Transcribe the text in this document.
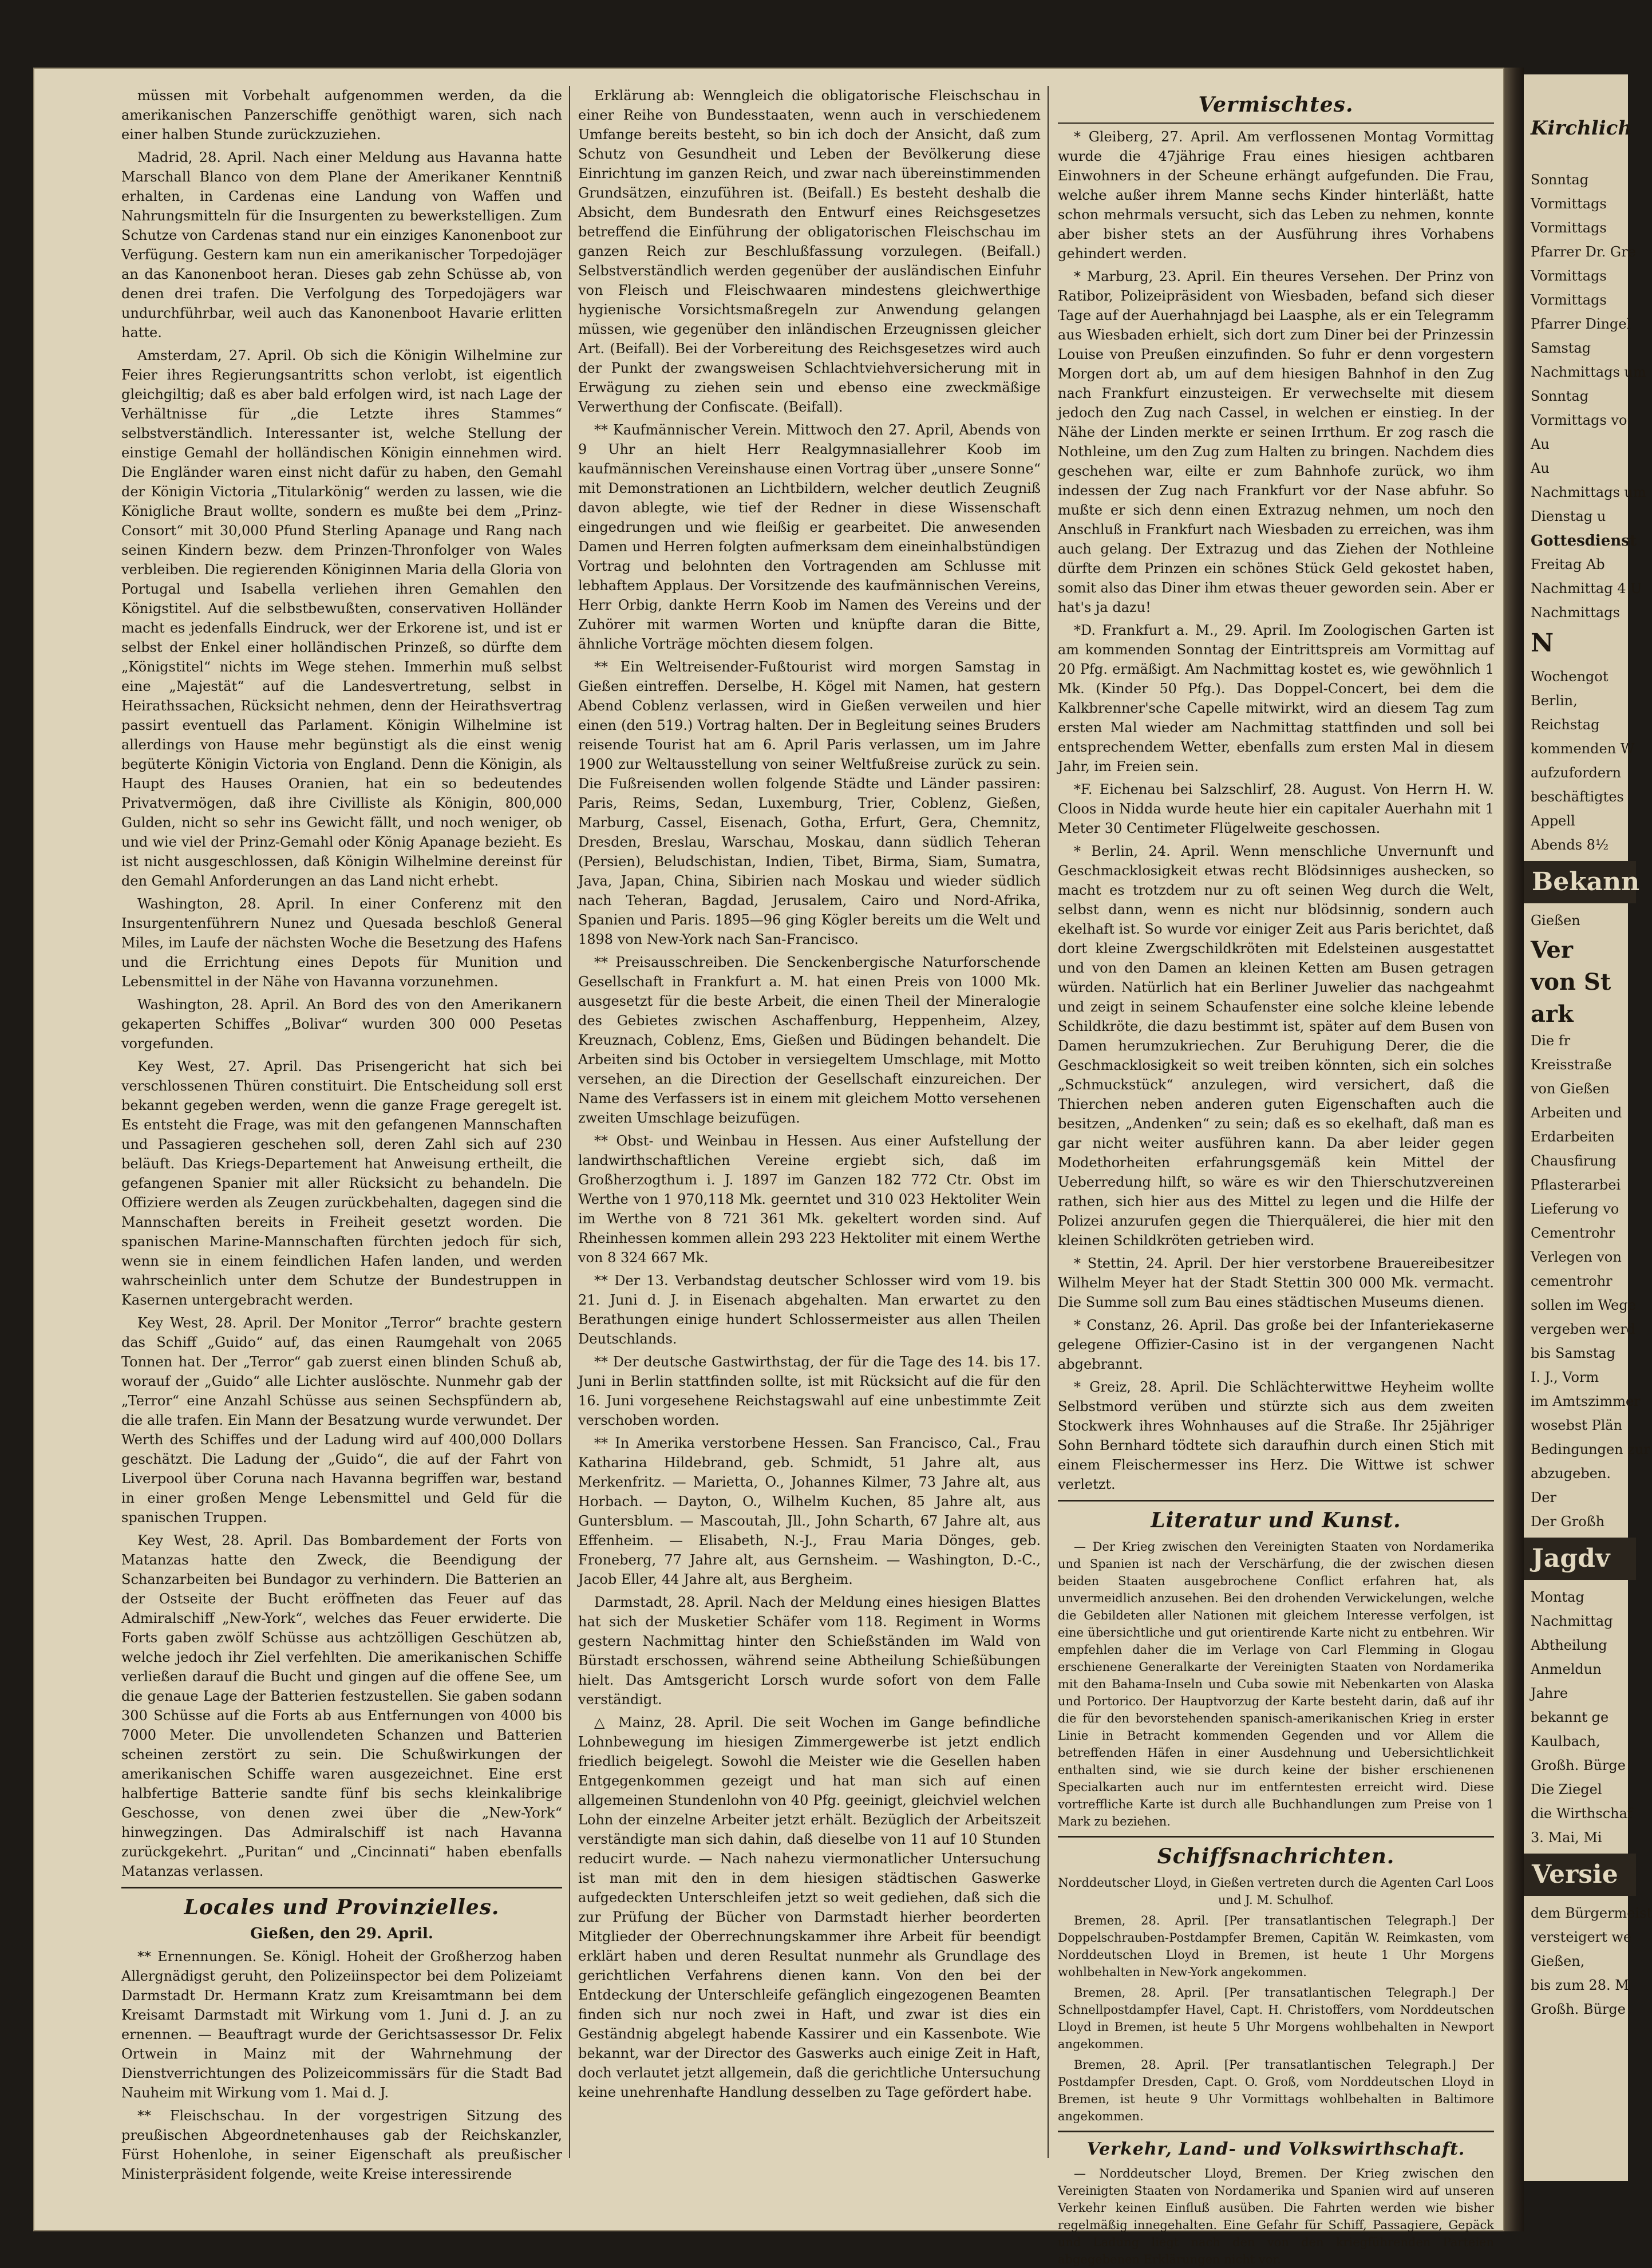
müssen mit Vorbehalt aufgenommen werden, da die amerikanischen Panzerschiffe genöthigt waren, sich nach einer halben Stunde zurückzuziehen.

Madrid, 28. April. Nach einer Meldung aus Havanna hatte Marschall Blanco von dem Plane der Amerikaner Kenntniß erhalten, in Cardenas eine Landung von Waffen und Nahrungsmitteln für die Insurgenten zu bewerkstelligen. Zum Schutze von Cardenas stand nur ein einziges Kanonenboot zur Verfügung. Gestern kam nun ein amerikanischer Torpedojäger an das Kanonenboot heran. Dieses gab zehn Schüsse ab, von denen drei trafen. Die Verfolgung des Torpedojägers war undurchführbar, weil auch das Kanonenboot Havarie erlitten hatte.

Amsterdam, 27. April. Ob sich die Königin Wilhelmine zur Feier ihres Regierungsantritts schon verlobt, ist eigentlich gleichgiltig; daß es aber bald erfolgen wird, ist nach Lage der Verhältnisse für „die Letzte ihres Stammes“ selbstverständlich. Interessanter ist, welche Stellung der einstige Gemahl der holländischen Königin einnehmen wird. Die Engländer waren einst nicht dafür zu haben, den Gemahl der Königin Victoria „Titularkönig“ werden zu lassen, wie die Königliche Braut wollte, sondern es mußte bei dem „Prinz-Consort“ mit 30,000 Pfund Sterling Apanage und Rang nach seinen Kindern bezw. dem Prinzen-Thronfolger von Wales verbleiben. Die regierenden Königinnen Maria della Gloria von Portugal und Isabella verliehen ihren Gemahlen den Königstitel. Auf die selbstbewußten, conservativen Holländer macht es jedenfalls Eindruck, wer der Erkorene ist, und ist er selbst der Enkel einer holländischen Prinzeß, so dürfte dem „Königstitel“ nichts im Wege stehen. Immerhin muß selbst eine „Majestät“ auf die Landesvertretung, selbst in Heirathssachen, Rücksicht nehmen, denn der Heirathsvertrag passirt eventuell das Parlament. Königin Wilhelmine ist allerdings von Hause mehr begünstigt als die einst wenig begüterte Königin Victoria von England. Denn die Königin, als Haupt des Hauses Oranien, hat ein so bedeutendes Privatvermögen, daß ihre Civilliste als Königin, 800,000 Gulden, nicht so sehr ins Gewicht fällt, und noch weniger, ob und wie viel der Prinz-Gemahl oder König Apanage bezieht. Es ist nicht ausgeschlossen, daß Königin Wilhelmine dereinst für den Gemahl Anforderungen an das Land nicht erhebt.

Washington, 28. April. In einer Conferenz mit den Insurgentenführern Nunez und Quesada beschloß General Miles, im Laufe der nächsten Woche die Besetzung des Hafens und die Errichtung eines Depots für Munition und Lebensmittel in der Nähe von Havanna vorzunehmen.

Washington, 28. April. An Bord des von den Amerikanern gekaperten Schiffes „Bolivar“ wurden 300 000 Pesetas vorgefunden.

Key West, 27. April. Das Prisengericht hat sich bei verschlossenen Thüren constituirt. Die Entscheidung soll erst bekannt gegeben werden, wenn die ganze Frage geregelt ist. Es entsteht die Frage, was mit den gefangenen Mannschaften und Passagieren geschehen soll, deren Zahl sich auf 230 beläuft. Das Kriegs-Departement hat Anweisung ertheilt, die gefangenen Spanier mit aller Rücksicht zu behandeln. Die Offiziere werden als Zeugen zurückbehalten, dagegen sind die Mannschaften bereits in Freiheit gesetzt worden. Die spanischen Marine-Mannschaften fürchten jedoch für sich, wenn sie in einem feindlichen Hafen landen, und werden wahrscheinlich unter dem Schutze der Bundestruppen in Kasernen untergebracht werden.

Key West, 28. April. Der Monitor „Terror“ brachte gestern das Schiff „Guido“ auf, das einen Raumgehalt von 2065 Tonnen hat. Der „Terror“ gab zuerst einen blinden Schuß ab, worauf der „Guido“ alle Lichter auslöschte. Nunmehr gab der „Terror“ eine Anzahl Schüsse aus seinen Sechspfündern ab, die alle trafen. Ein Mann der Besatzung wurde verwundet. Der Werth des Schiffes und der Ladung wird auf 400,000 Dollars geschätzt. Die Ladung der „Guido“, die auf der Fahrt von Liverpool über Coruna nach Havanna begriffen war, bestand in einer großen Menge Lebensmittel und Geld für die spanischen Truppen.

Key West, 28. April. Das Bombardement der Forts von Matanzas hatte den Zweck, die Beendigung der Schanzarbeiten bei Bundagor zu verhindern. Die Batterien an der Ostseite der Bucht eröffneten das Feuer auf das Admiralschiff „New-York“, welches das Feuer erwiderte. Die Forts gaben zwölf Schüsse aus achtzölligen Geschützen ab, welche jedoch ihr Ziel verfehlten. Die amerikanischen Schiffe verließen darauf die Bucht und gingen auf die offene See, um die genaue Lage der Batterien festzustellen. Sie gaben sodann 300 Schüsse auf die Forts ab aus Entfernungen von 4000 bis 7000 Meter. Die unvollendeten Schanzen und Batterien scheinen zerstört zu sein. Die Schußwirkungen der amerikanischen Schiffe waren ausgezeichnet. Eine erst halbfertige Batterie sandte fünf bis sechs kleinkalibrige Geschosse, von denen zwei über die „New-York“ hinwegzingen. Das Admiralschiff ist nach Havanna zurückgekehrt. „Puritan“ und „Cincinnati“ haben ebenfalls Matanzas verlassen.

Locales und Provinzielles.
Gießen, den 29. April.

** Ernennungen. Se. Königl. Hoheit der Großherzog haben Allergnädigst geruht, den Polizeiinspector bei dem Polizeiamt Darmstadt Dr. Hermann Kratz zum Kreisamtmann bei dem Kreisamt Darmstadt mit Wirkung vom 1. Juni d. J. an zu ernennen. — Beauftragt wurde der Gerichtsassessor Dr. Felix Ortwein in Mainz mit der Wahrnehmung der Dienstverrichtungen des Polizeicommissärs für die Stadt Bad Nauheim mit Wirkung vom 1. Mai d. J.

** Fleischschau. In der vorgestrigen Sitzung des preußischen Abgeordnetenhauses gab der Reichskanzler, Fürst Hohenlohe, in seiner Eigenschaft als preußischer Ministerpräsident folgende, weite Kreise interessirende

Erklärung ab: Wenngleich die obligatorische Fleischschau in einer Reihe von Bundesstaaten, wenn auch in verschiedenem Umfange bereits besteht, so bin ich doch der Ansicht, daß zum Schutz von Gesundheit und Leben der Bevölkerung diese Einrichtung im ganzen Reich, und zwar nach übereinstimmenden Grundsätzen, einzuführen ist. (Beifall.) Es besteht deshalb die Absicht, dem Bundesrath den Entwurf eines Reichsgesetzes betreffend die Einführung der obligatorischen Fleischschau im ganzen Reich zur Beschlußfassung vorzulegen. (Beifall.) Selbstverständlich werden gegenüber der ausländischen Einfuhr von Fleisch und Fleischwaaren mindestens gleichwerthige hygienische Vorsichtsmaßregeln zur Anwendung gelangen müssen, wie gegenüber den inländischen Erzeugnissen gleicher Art. (Beifall). Bei der Vorbereitung des Reichsgesetzes wird auch der Punkt der zwangsweisen Schlachtviehversicherung mit in Erwägung zu ziehen sein und ebenso eine zweckmäßige Verwerthung der Confiscate. (Beifall).

** Kaufmännischer Verein. Mittwoch den 27. April, Abends von 9 Uhr an hielt Herr Realgymnasiallehrer Koob im kaufmännischen Vereinshause einen Vortrag über „unsere Sonne“ mit Demonstrationen an Lichtbildern, welcher deutlich Zeugniß davon ablegte, wie tief der Redner in diese Wissenschaft eingedrungen und wie fleißig er gearbeitet. Die anwesenden Damen und Herren folgten aufmerksam dem eineinhalbstündigen Vortrag und belohnten den Vortragenden am Schlusse mit lebhaftem Applaus. Der Vorsitzende des kaufmännischen Vereins, Herr Orbig, dankte Herrn Koob im Namen des Vereins und der Zuhörer mit warmen Worten und knüpfte daran die Bitte, ähnliche Vorträge möchten diesem folgen.

** Ein Weltreisender-Fußtourist wird morgen Samstag in Gießen eintreffen. Derselbe, H. Kögel mit Namen, hat gestern Abend Coblenz verlassen, wird in Gießen verweilen und hier einen (den 519.) Vortrag halten. Der in Begleitung seines Bruders reisende Tourist hat am 6. April Paris verlassen, um im Jahre 1900 zur Weltausstellung von seiner Weltfußreise zurück zu sein. Die Fußreisenden wollen folgende Städte und Länder passiren: Paris, Reims, Sedan, Luxemburg, Trier, Coblenz, Gießen, Marburg, Cassel, Eisenach, Gotha, Erfurt, Gera, Chemnitz, Dresden, Breslau, Warschau, Moskau, dann südlich Teheran (Persien), Beludschistan, Indien, Tibet, Birma, Siam, Sumatra, Java, Japan, China, Sibirien nach Moskau und wieder südlich nach Teheran, Bagdad, Jerusalem, Cairo und Nord-Afrika, Spanien und Paris. 1895—96 ging Kögler bereits um die Welt und 1898 von New-York nach San-Francisco.

** Preisausschreiben. Die Senckenbergische Naturforschende Gesellschaft in Frankfurt a. M. hat einen Preis von 1000 Mk. ausgesetzt für die beste Arbeit, die einen Theil der Mineralogie des Gebietes zwischen Aschaffenburg, Heppenheim, Alzey, Kreuznach, Coblenz, Ems, Gießen und Büdingen behandelt. Die Arbeiten sind bis October in versiegeltem Umschlage, mit Motto versehen, an die Direction der Gesellschaft einzureichen. Der Name des Verfassers ist in einem mit gleichem Motto versehenen zweiten Umschlage beizufügen.

** Obst- und Weinbau in Hessen. Aus einer Aufstellung der landwirthschaftlichen Vereine ergiebt sich, daß im Großherzogthum i. J. 1897 im Ganzen 182 772 Ctr. Obst im Werthe von 1 970,118 Mk. geerntet und 310 023 Hektoliter Wein im Werthe von 8 721 361 Mk. gekeltert worden sind. Auf Rheinhessen kommen allein 293 223 Hektoliter mit einem Werthe von 8 324 667 Mk.

** Der 13. Verbandstag deutscher Schlosser wird vom 19. bis 21. Juni d. J. in Eisenach abgehalten. Man erwartet zu den Berathungen einige hundert Schlossermeister aus allen Theilen Deutschlands.

** Der deutsche Gastwirthstag, der für die Tage des 14. bis 17. Juni in Berlin stattfinden sollte, ist mit Rücksicht auf die für den 16. Juni vorgesehene Reichstagswahl auf eine unbestimmte Zeit verschoben worden.

** In Amerika verstorbene Hessen. San Francisco, Cal., Frau Katharina Hildebrand, geb. Schmidt, 51 Jahre alt, aus Merkenfritz. — Marietta, O., Johannes Kilmer, 73 Jahre alt, aus Horbach. — Dayton, O., Wilhelm Kuchen, 85 Jahre alt, aus Guntersblum. — Mascoutah, Jll., John Scharth, 67 Jahre alt, aus Effenheim. — Elisabeth, N.-J., Frau Maria Dönges, geb. Froneberg, 77 Jahre alt, aus Gernsheim. — Washington, D.-C., Jacob Eller, 44 Jahre alt, aus Bergheim.

Darmstadt, 28. April. Nach der Meldung eines hiesigen Blattes hat sich der Musketier Schäfer vom 118. Regiment in Worms gestern Nachmittag hinter den Schießständen im Wald von Bürstadt erschossen, während seine Abtheilung Schießübungen hielt. Das Amtsgericht Lorsch wurde sofort von dem Falle verständigt.

△ Mainz, 28. April. Die seit Wochen im Gange befindliche Lohnbewegung im hiesigen Zimmergewerbe ist jetzt endlich friedlich beigelegt. Sowohl die Meister wie die Gesellen haben Entgegenkommen gezeigt und hat man sich auf einen allgemeinen Stundenlohn von 40 Pfg. geeinigt, gleichviel welchen Lohn der einzelne Arbeiter jetzt erhält. Bezüglich der Arbeitszeit verständigte man sich dahin, daß dieselbe von 11 auf 10 Stunden reducirt wurde. — Nach nahezu viermonatlicher Untersuchung ist man mit den in dem hiesigen städtischen Gaswerke aufgedeckten Unterschleifen jetzt so weit gediehen, daß sich die zur Prüfung der Bücher von Darmstadt hierher beorderten Mitglieder der Oberrechnungskammer ihre Arbeit für beendigt erklärt haben und deren Resultat nunmehr als Grundlage des gerichtlichen Verfahrens dienen kann. Von den bei der Entdeckung der Unterschleife gefänglich eingezogenen Beamten finden sich nur noch zwei in Haft, und zwar ist dies ein Geständnig abgelegt habende Kassirer und ein Kassenbote. Wie bekannt, war der Director des Gaswerks auch einige Zeit in Haft, doch verlautet jetzt allgemein, daß die gerichtliche Untersuchung keine unehrenhafte Handlung desselben zu Tage gefördert habe.

Vermischtes.

* Gleiberg, 27. April. Am verflossenen Montag Vormittag wurde die 47jährige Frau eines hiesigen achtbaren Einwohners in der Scheune erhängt aufgefunden. Die Frau, welche außer ihrem Manne sechs Kinder hinterläßt, hatte schon mehrmals versucht, sich das Leben zu nehmen, konnte aber bisher stets an der Ausführung ihres Vorhabens gehindert werden.

* Marburg, 23. April. Ein theures Versehen. Der Prinz von Ratibor, Polizeipräsident von Wiesbaden, befand sich dieser Tage auf der Auerhahnjagd bei Laasphe, als er ein Telegramm aus Wiesbaden erhielt, sich dort zum Diner bei der Prinzessin Louise von Preußen einzufinden. So fuhr er denn vorgestern Morgen dort ab, um auf dem hiesigen Bahnhof in den Zug nach Frankfurt einzusteigen. Er verwechselte mit diesem jedoch den Zug nach Cassel, in welchen er einstieg. In der Nähe der Linden merkte er seinen Irrthum. Er zog rasch die Nothleine, um den Zug zum Halten zu bringen. Nachdem dies geschehen war, eilte er zum Bahnhofe zurück, wo ihm indessen der Zug nach Frankfurt vor der Nase abfuhr. So mußte er sich denn einen Extrazug nehmen, um noch den Anschluß in Frankfurt nach Wiesbaden zu erreichen, was ihm auch gelang. Der Extrazug und das Ziehen der Nothleine dürfte dem Prinzen ein schönes Stück Geld gekostet haben, somit also das Diner ihm etwas theuer geworden sein. Aber er hat's ja dazu!

*D. Frankfurt a. M., 29. April. Im Zoologischen Garten ist am kommenden Sonntag der Eintrittspreis am Vormittag auf 20 Pfg. ermäßigt. Am Nachmittag kostet es, wie gewöhnlich 1 Mk. (Kinder 50 Pfg.). Das Doppel-Concert, bei dem die Kalkbrenner'sche Capelle mitwirkt, wird an diesem Tag zum ersten Mal wieder am Nachmittag stattfinden und soll bei entsprechendem Wetter, ebenfalls zum ersten Mal in diesem Jahr, im Freien sein.

*F. Eichenau bei Salzschlirf, 28. August. Von Herrn H. W. Cloos in Nidda wurde heute hier ein capitaler Auerhahn mit 1 Meter 30 Centimeter Flügelweite geschossen.

* Berlin, 24. April. Wenn menschliche Unvernunft und Geschmacklosigkeit etwas recht Blödsinniges aushecken, so macht es trotzdem nur zu oft seinen Weg durch die Welt, selbst dann, wenn es nicht nur blödsinnig, sondern auch ekelhaft ist. So wurde vor einiger Zeit aus Paris berichtet, daß dort kleine Zwergschildkröten mit Edelsteinen ausgestattet und von den Damen an kleinen Ketten am Busen getragen würden. Natürlich hat ein Berliner Juwelier das nachgeahmt und zeigt in seinem Schaufenster eine solche kleine lebende Schildkröte, die dazu bestimmt ist, später auf dem Busen von Damen herumzukriechen. Zur Beruhigung Derer, die die Geschmacklosigkeit so weit treiben könnten, sich ein solches „Schmuckstück“ anzulegen, wird versichert, daß die Thierchen neben anderen guten Eigenschaften auch die besitzen, „Andenken“ zu sein; daß es so ekelhaft, daß man es gar nicht weiter ausführen kann. Da aber leider gegen Modethorheiten erfahrungsgemäß kein Mittel der Ueberredung hilft, so wäre es wir den Thierschutzvereinen rathen, sich hier aus des Mittel zu legen und die Hilfe der Polizei anzurufen gegen die Thierquälerei, die hier mit den kleinen Schildkröten getrieben wird.

* Stettin, 24. April. Der hier verstorbene Brauereibesitzer Wilhelm Meyer hat der Stadt Stettin 300 000 Mk. vermacht. Die Summe soll zum Bau eines städtischen Museums dienen.

* Constanz, 26. April. Das große bei der Infanteriekaserne gelegene Offizier-Casino ist in der vergangenen Nacht abgebrannt.

* Greiz, 28. April. Die Schlächterwittwe Heyheim wollte Selbstmord verüben und stürzte sich aus dem zweiten Stockwerk ihres Wohnhauses auf die Straße. Ihr 25jähriger Sohn Bernhard tödtete sich daraufhin durch einen Stich mit einem Fleischermesser ins Herz. Die Wittwe ist schwer verletzt.

Literatur und Kunst.
— Der Krieg zwischen den Vereinigten Staaten von Nordamerika und Spanien ist nach der Verschärfung, die der zwischen diesen beiden Staaten ausgebrochene Conflict erfahren hat, als unvermeidlich anzusehen. Bei den drohenden Verwickelungen, welche die Gebildeten aller Nationen mit gleichem Interesse verfolgen, ist eine übersichtliche und gut orientirende Karte nicht zu entbehren. Wir empfehlen daher die im Verlage von Carl Flemming in Glogau erschienene Generalkarte der Vereinigten Staaten von Nordamerika mit den Bahama-Inseln und Cuba sowie mit Nebenkarten von Alaska und Portorico. Der Hauptvorzug der Karte besteht darin, daß auf ihr die für den bevorstehenden spanisch-amerikanischen Krieg in erster Linie in Betracht kommenden Gegenden und vor Allem die betreffenden Häfen in einer Ausdehnung und Uebersichtlichkeit enthalten sind, wie sie durch keine der bisher erschienenen Specialkarten auch nur im entferntesten erreicht wird. Diese vortreffliche Karte ist durch alle Buchhandlungen zum Preise von 1 Mark zu beziehen.
Schiffsnachrichten.
Norddeutscher Lloyd, in Gießen vertreten durch die Agenten Carl Loos und J. M. Schulhof.

Bremen, 28. April. [Per transatlantischen Telegraph.] Der Doppelschrauben-Postdampfer Bremen, Capitän W. Reimkasten, vom Norddeutschen Lloyd in Bremen, ist heute 1 Uhr Morgens wohlbehalten in New-York angekommen.

Bremen, 28. April. [Per transatlantischen Telegraph.] Der Schnellpostdampfer Havel, Capt. H. Christoffers, vom Norddeutschen Lloyd in Bremen, ist heute 5 Uhr Morgens wohlbehalten in Newport angekommen.

Bremen, 28. April. [Per transatlantischen Telegraph.] Der Postdampfer Dresden, Capt. O. Groß, vom Norddeutschen Lloyd in Bremen, ist heute 9 Uhr Vormittags wohlbehalten in Baltimore angekommen.

Verkehr, Land- und Volkswirthschaft.
— Norddeutscher Lloyd, Bremen. Der Krieg zwischen den Vereinigten Staaten von Nordamerika und Spanien wird auf unseren Verkehr keinen Einfluß ausüben. Die Fahrten werden wie bisher regelmäßig innegehalten. Eine Gefahr für Schiff, Passagiere, Gepäck und Ladung liegt nach den von den kriegführenden Parteien abgegebenen Erklärungen nicht vor.
Kirchlich
Sonntag
Vormittags
Vormittags
Pfarrer Dr. Gre
Vormittags
Vormittags
Pfarrer Dingel
Samstag
Nachmittags um
Sonntag
Vormittags vo
Au
Au
Nachmittags um
Dienstag u
Gottesdienst
Freitag Ab
Nachmittag 4 U
Nachmittags
N
Wochengot
Berlin,
Reichstag
kommenden W
aufzufordern
beschäftigtes
Appell
Abends 8½
Bekann
Gießen
Ver
von St
ark
Die fr
Kreisstraße
von Gießen
Arbeiten und
Erdarbeiten
Chausfirung
Pflasterarbei
Lieferung vo
Cementrohr
Verlegen von
cementrohr
sollen im Wege
vergeben werd
bis Samstag
I. J., Vorm
im Amtszimmer
wosebst Plän
Bedingungen zur
abzugeben.
Der
Der Großh
Jagdv
Montag
Nachmittag
Abtheilung
Anmeldun
Jahre
bekannt ge
Kaulbach,
Großh. Bürge
Die Ziegel
die Wirthschaf
3. Mai, Mi
Versie
dem Bürgermeist
versteigert we
Gießen,
bis zum 28. M
Großh. Bürge
